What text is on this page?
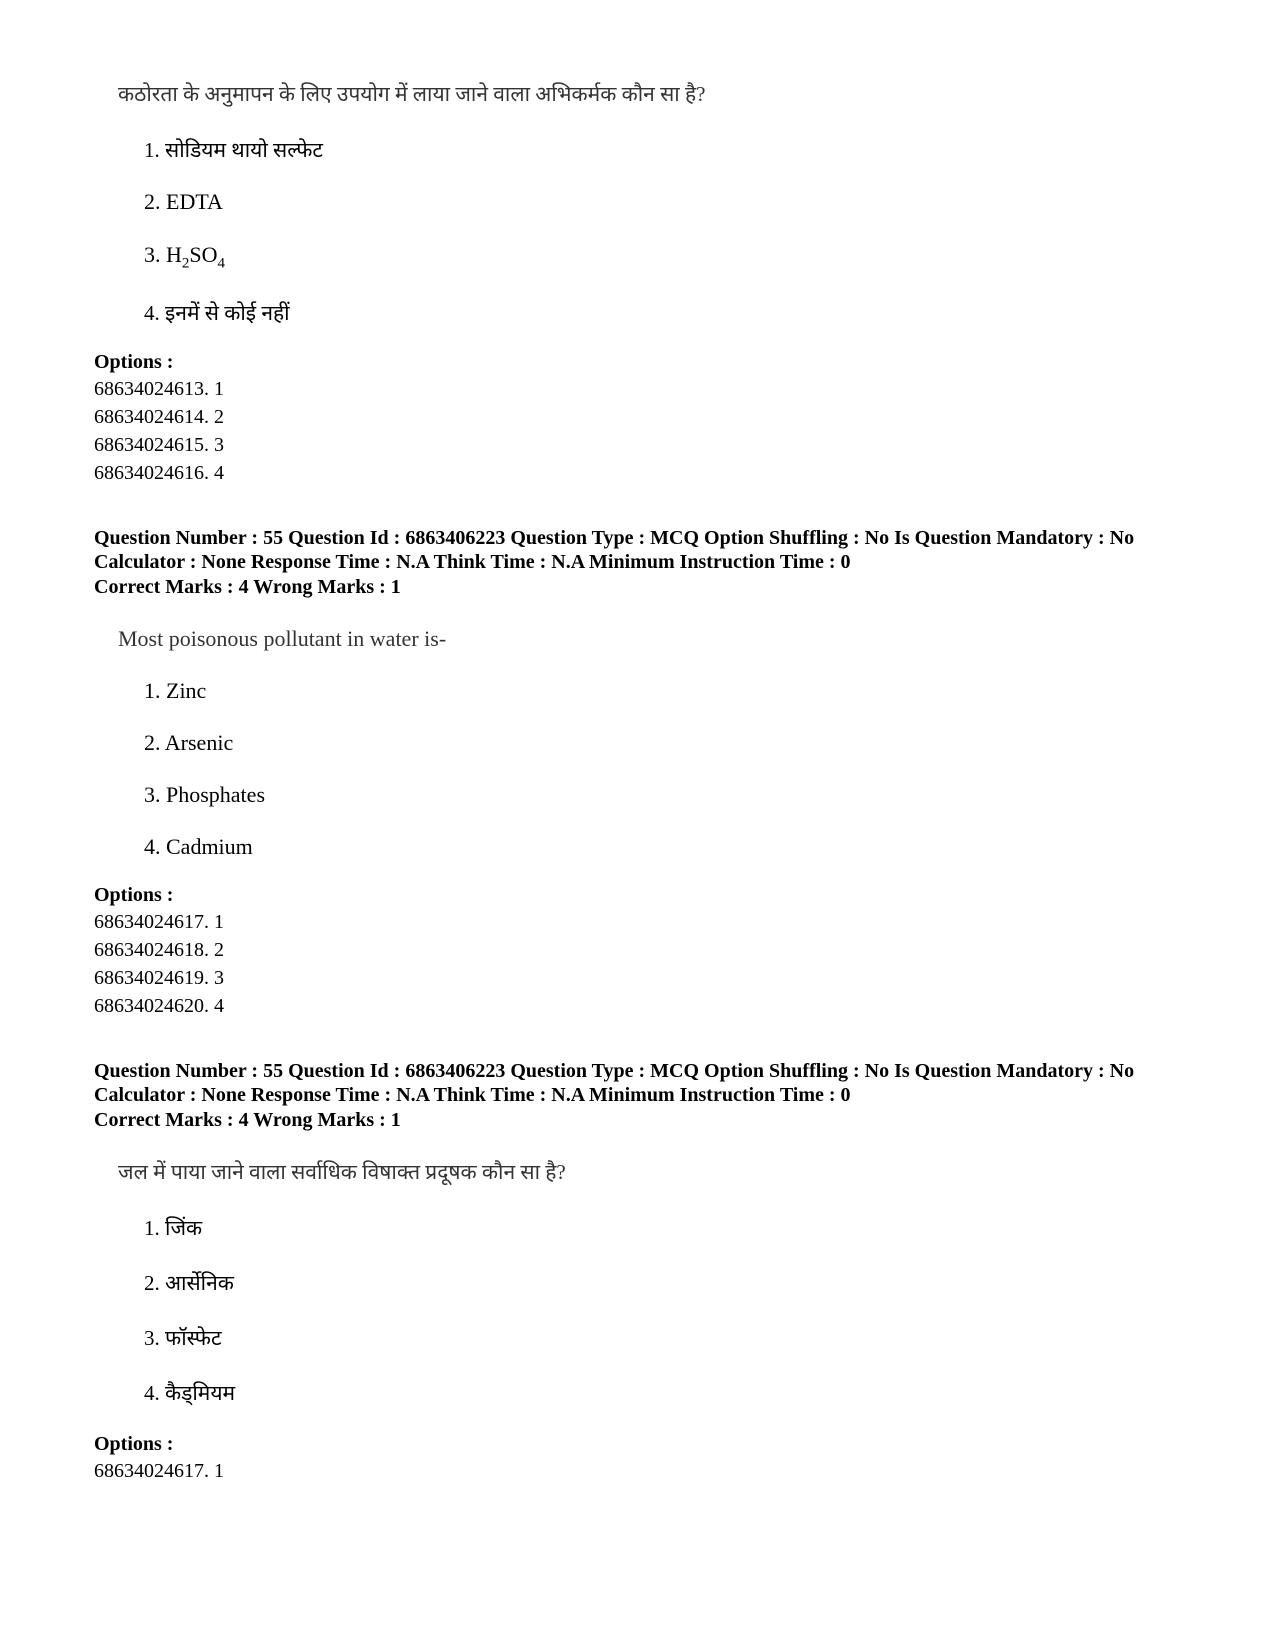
कठोरता के अनुमापन के लिए उपयोग में लाया जाने वाला अभिकर्मक कौन सा है?

1. सोडियम थायो सल्फेट

2. EDTA

3. $H_2SO_4$

4. इनमें से कोई नहीं

Options :

68634024613. 1

68634024614. 2

68634024615. 3

68634024616. 4

Question Number : 55 Question Id : 6863406223 Question Type : MCQ Option Shuffling : No Is Question Mandatory : No Calculator : None Response Time : N.A Think Time : N.A Minimum Instruction Time : 0

Correct Marks : 4 Wrong Marks : 1

Most poisonous pollutant in water is-

1. Zinc

2. Arsenic

3. Phosphates

4. Cadmium

Options :

68634024617. 1

68634024618. 2

68634024619. 3

68634024620. 4

Question Number : 55 Question Id : 6863406223 Question Type : MCQ Option Shuffling : No Is Question Mandatory : No Calculator : None Response Time : N.A Think Time : N.A Minimum Instruction Time : 0

Correct Marks : 4 Wrong Marks : 1

जल में पाया जाने वाला सर्वाधिक विषाक्त प्रदूषक कौन सा है?

1. जिंक

2. आर्सेनिक

3. फॉस्फेट

4. कैड्मियम

Options :

68634024617. 1
